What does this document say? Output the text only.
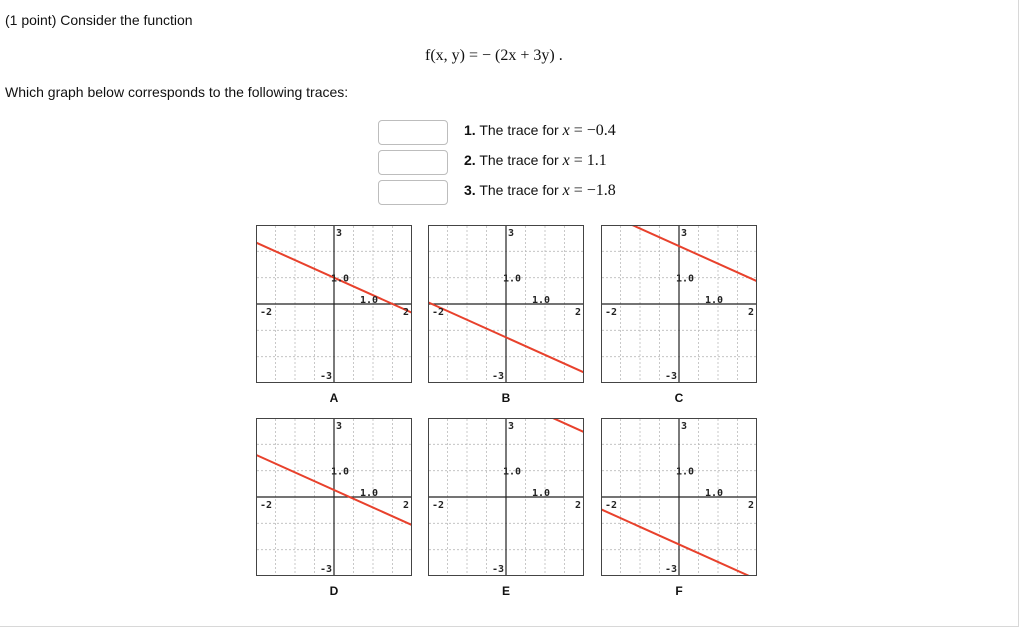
(1 point) Consider the function
f(x, y) = − (2x + 3y) .
Which graph below corresponds to the following traces:
1. The trace for x = −0.4
2. The trace for x = 1.1
3. The trace for x = −1.8
-2	2
3
-3
1.0
1.0
-2	2
3
-3
1.0
1.0
-2	2
3
-3
1.0
1.0
-2	2
3
-3
1.0
1.0
-2	2
3
-3
1.0
1.0
-2	2
3
-3
1.0
1.0
A	B	C
D	E	F
